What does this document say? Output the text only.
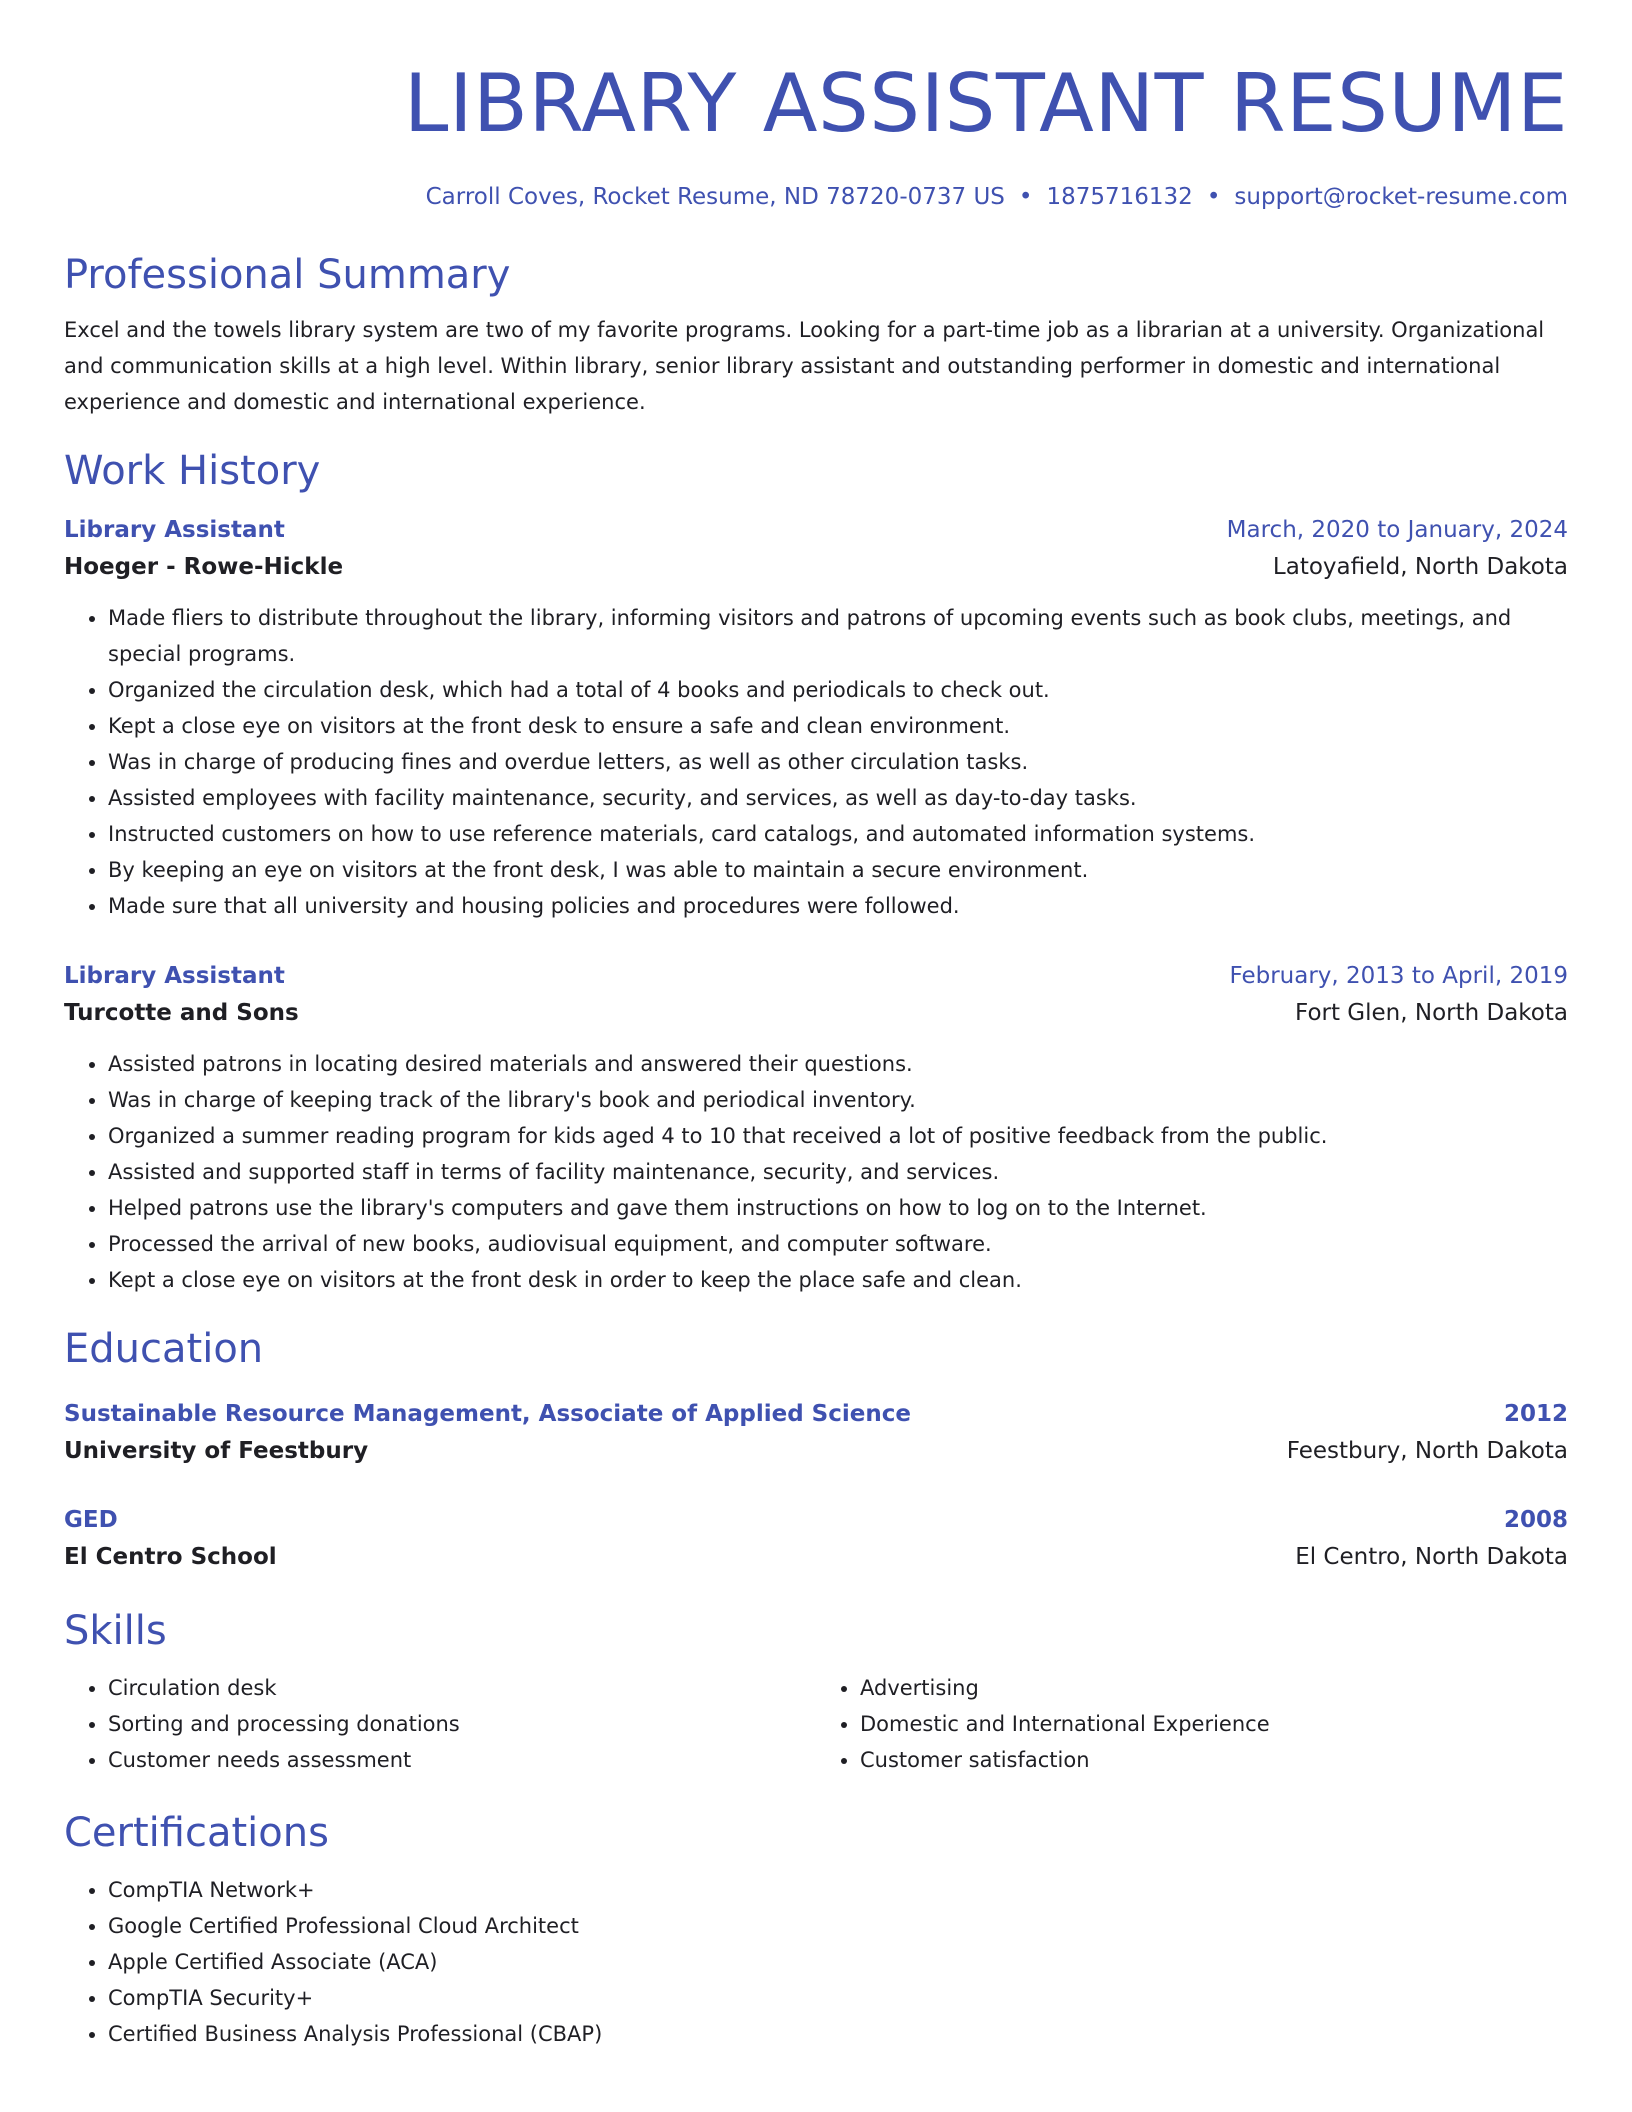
LIBRARY ASSISTANT RESUME
Carroll Coves, Rocket Resume, ND 78720-0737 US • 1875716132 • support@rocket-resume.com
Professional Summary
Excel and the towels library system are two of my favorite programs. Looking for a part-time job as a librarian at a university. Organizational and communication skills at a high level. Within library, senior library assistant and outstanding performer in domestic and international experience and domestic and international experience.
Work History
Library Assistant	March, 2020 to January, 2024
Hoeger - Rowe-Hickle	Latoyafield, North Dakota
• Made fliers to distribute throughout the library, informing visitors and patrons of upcoming events such as book clubs, meetings, and special programs.
• Organized the circulation desk, which had a total of 4 books and periodicals to check out.
• Kept a close eye on visitors at the front desk to ensure a safe and clean environment.
• Was in charge of producing fines and overdue letters, as well as other circulation tasks.
• Assisted employees with facility maintenance, security, and services, as well as day-to-day tasks.
• Instructed customers on how to use reference materials, card catalogs, and automated information systems.
• By keeping an eye on visitors at the front desk, I was able to maintain a secure environment.
• Made sure that all university and housing policies and procedures were followed.
Library Assistant	February, 2013 to April, 2019
Turcotte and Sons	Fort Glen, North Dakota
• Assisted patrons in locating desired materials and answered their questions.
• Was in charge of keeping track of the library's book and periodical inventory.
• Organized a summer reading program for kids aged 4 to 10 that received a lot of positive feedback from the public.
• Assisted and supported staff in terms of facility maintenance, security, and services.
• Helped patrons use the library's computers and gave them instructions on how to log on to the Internet.
• Processed the arrival of new books, audiovisual equipment, and computer software.
• Kept a close eye on visitors at the front desk in order to keep the place safe and clean.
Education
Sustainable Resource Management, Associate of Applied Science	2012
University of Feestbury	Feestbury, North Dakota
GED	2008
El Centro School	El Centro, North Dakota
Skills
• Circulation desk
• Sorting and processing donations
• Customer needs assessment
• Advertising
• Domestic and International Experience
• Customer satisfaction
Certifications
• CompTIA Network+
• Google Certified Professional Cloud Architect
• Apple Certified Associate (ACA)
• CompTIA Security+
• Certified Business Analysis Professional (CBAP)
